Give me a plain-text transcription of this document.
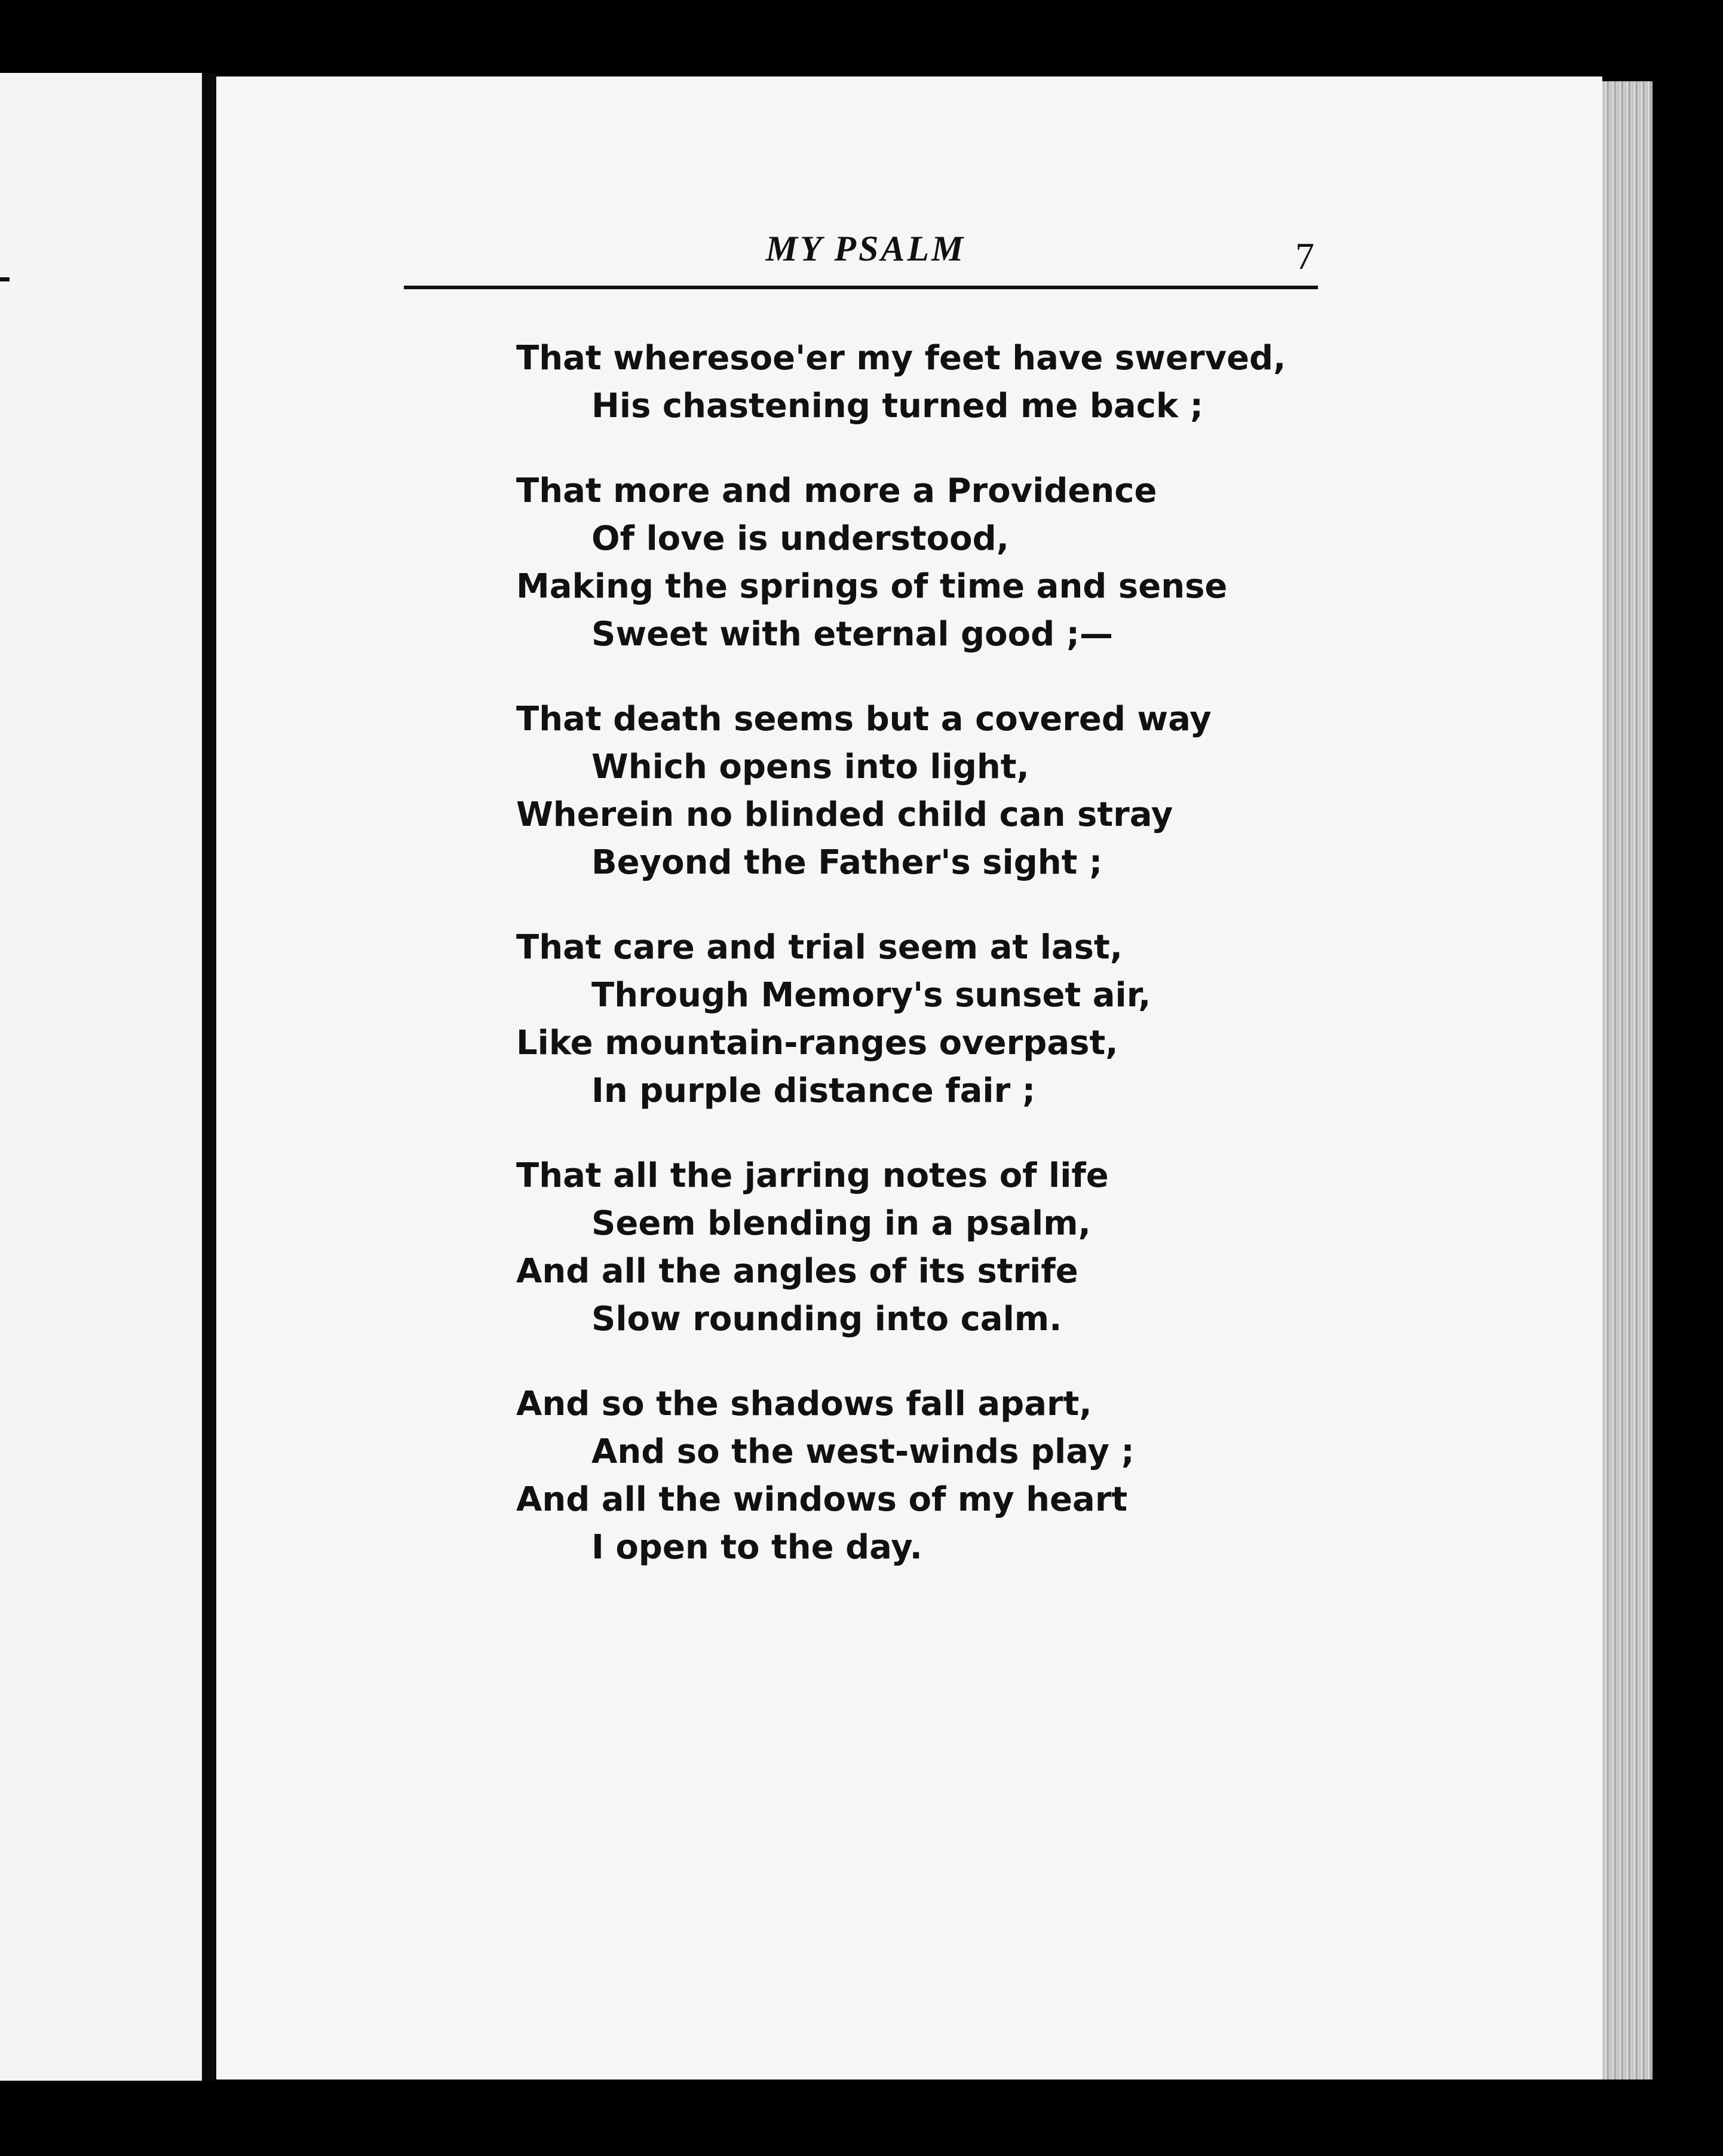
MY PSALM	7
That wheresoe'er my feet have swerved,
His chastening turned me back ;
That more and more a Providence
Of love is understood,
Making the springs of time and sense
Sweet with eternal good ;—
That death seems but a covered way
Which opens into light,
Wherein no blinded child can stray
Beyond the Father's sight ;
That care and trial seem at last,
Through Memory's sunset air,
Like mountain-ranges overpast,
In purple distance fair ;
That all the jarring notes of life
Seem blending in a psalm,
And all the angles of its strife
Slow rounding into calm.
And so the shadows fall apart,
And so the west-winds play ;
And all the windows of my heart
I open to the day.
